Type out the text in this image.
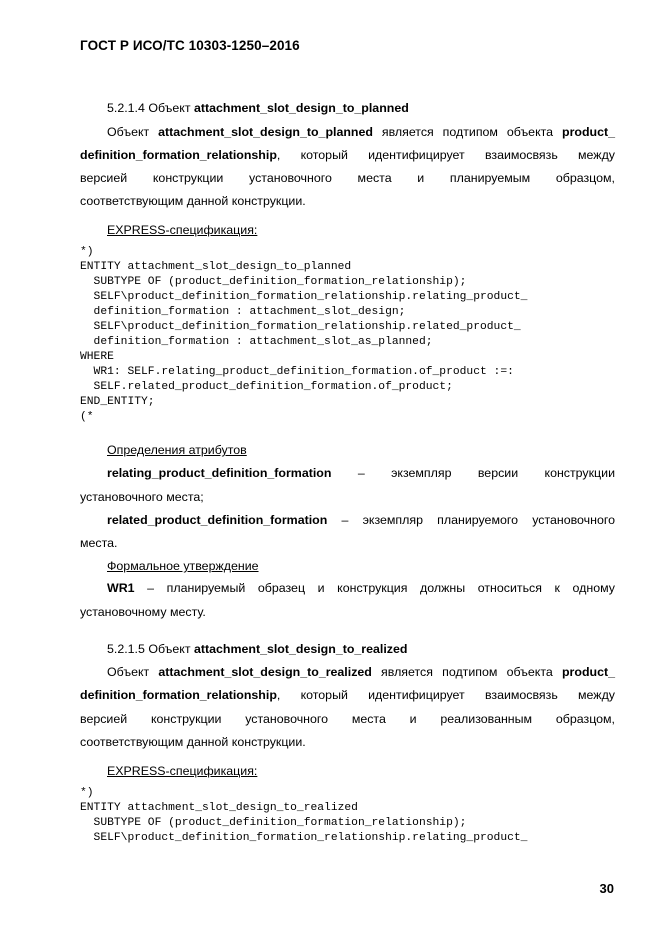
ГОСТ Р ИСО/ТС 10303-1250–2016
5.2.1.4 Объект attachment_slot_design_to_planned
Объект attachment_slot_design_to_planned является подтипом объекта product_
definition_formation_relationship, который идентифицирует взаимосвязь между
версией конструкции установочного места и планируемым образцом,
соответствующим данной конструкции.
EXPRESS-спецификация:
*)
ENTITY attachment_slot_design_to_planned
SUBTYPE OF (product_definition_formation_relationship);
SELF\product_definition_formation_relationship.relating_product_
definition_formation : attachment_slot_design;
SELF\product_definition_formation_relationship.related_product_
definition_formation : attachment_slot_as_planned;
WHERE
WR1: SELF.relating_product_definition_formation.of_product :=:
SELF.related_product_definition_formation.of_product;
END_ENTITY;
(*
Определения атрибутов
relating_product_definition_formation – экземпляр версии конструкции
установочного места;
related_product_definition_formation – экземпляр планируемого установочного
места.
Формальное утверждение
WR1 – планируемый образец и конструкция должны относиться к одному
установочному месту.
5.2.1.5 Объект attachment_slot_design_to_realized
Объект attachment_slot_design_to_realized является подтипом объекта product_
definition_formation_relationship, который идентифицирует взаимосвязь между
версией конструкции установочного места и реализованным образцом,
соответствующим данной конструкции.
EXPRESS-спецификация:
*)
ENTITY attachment_slot_design_to_realized
SUBTYPE OF (product_definition_formation_relationship);
SELF\product_definition_formation_relationship.relating_product_
30
